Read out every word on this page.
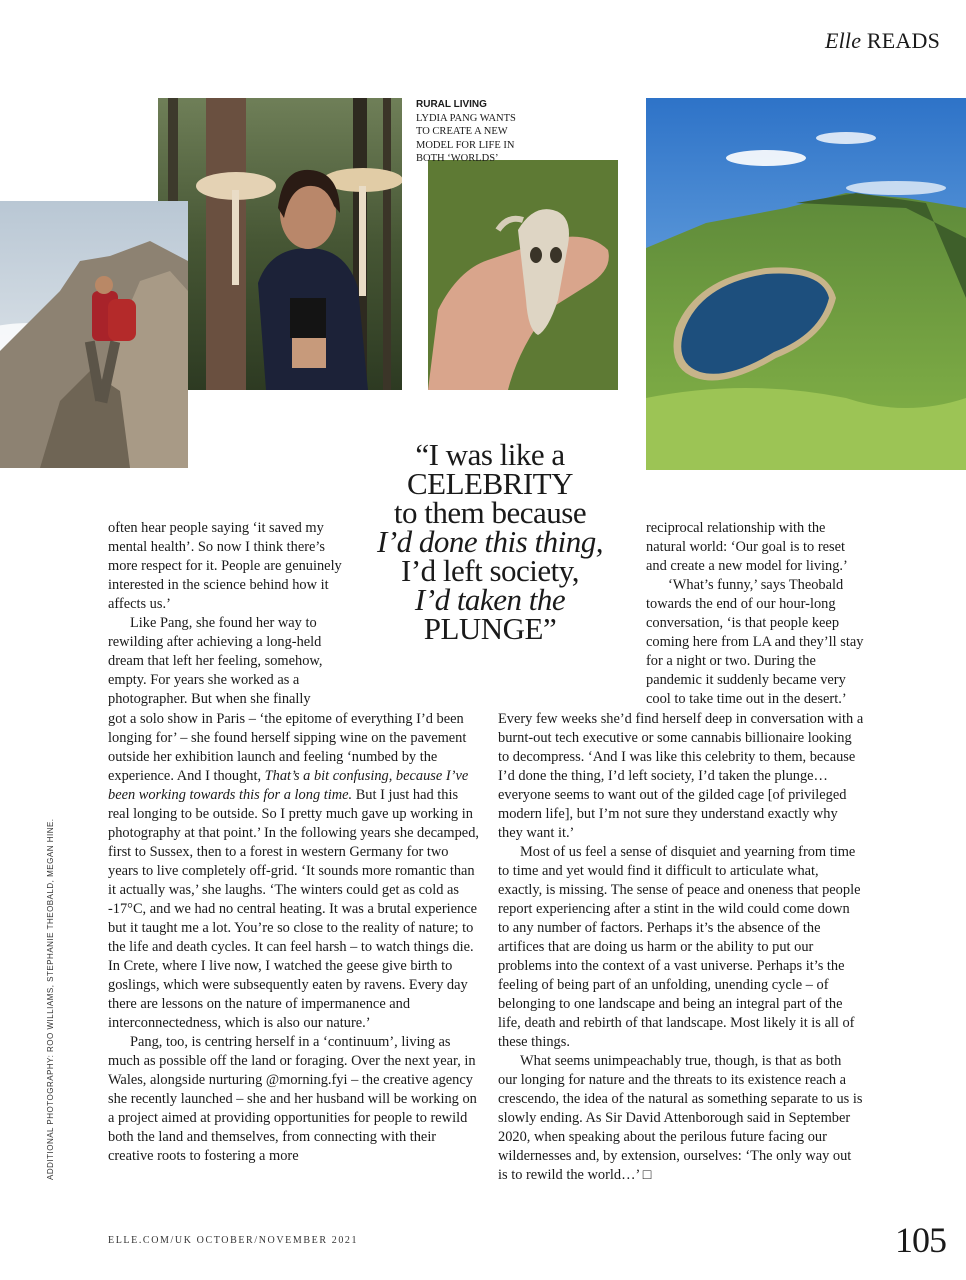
Elle READS
RURAL LIVING
LYDIA PANG WANTS TO CREATE A NEW MODEL FOR LIFE IN BOTH ‘WORLDS’
“I was like a
CELEBRITY
to them because
I’d done this thing,
I’d left society,
I’d taken the
PLUNGE”

often hear people saying ‘it saved my mental health’. So now I think there’s more respect for it. People are genuinely interested in the science behind how it affects us.’

Like Pang, she found her way to rewilding after achieving a long-held dream that left her feeling, somehow, empty. For years she worked as a photographer. But when she finally

got a solo show in Paris – ‘the epitome of everything I’d been longing for’ – she found herself sipping wine on the pavement outside her exhibition launch and feeling ‘numbed by the experience. And I thought, That’s a bit confusing, because I’ve been working towards this for a long time. But I just had this real longing to be outside. So I pretty much gave up working in photography at that point.’ In the following years she decamped, first to Sussex, then to a forest in western Germany for two years to live completely off-grid. ‘It sounds more romantic than it actually was,’ she laughs. ‘The winters could get as cold as -17°C, and we had no central heating. It was a brutal experience but it taught me a lot. You’re so close to the reality of nature; to the life and death cycles. It can feel harsh – to watch things die. In Crete, where I live now, I watched the geese give birth to goslings, which were subsequently eaten by ravens. Every day there are lessons on the nature of impermanence and interconnectedness, which is also our nature.’

Pang, too, is centring herself in a ‘continuum’, living as much as possible off the land or foraging. Over the next year, in Wales, alongside nurturing @morning.fyi – the creative agency she recently launched – she and her husband will be working on a project aimed at providing opportunities for people to rewild both the land and themselves, from connecting with their creative roots to fostering a more

reciprocal relationship with the natural world: ‘Our goal is to reset and create a new model for living.’

‘What’s funny,’ says Theobald towards the end of our hour-long conversation, ‘is that people keep coming here from LA and they’ll stay for a night or two. During the pandemic it suddenly became very cool to take time out in the desert.’

Every few weeks she’d find herself deep in conversation with a burnt-out tech executive or some cannabis billionaire looking to decompress. ‘And I was like this celebrity to them, because I’d done the thing, I’d left society, I’d taken the plunge… everyone seems to want out of the gilded cage [of privileged modern life], but I’m not sure they understand exactly why they want it.’

Most of us feel a sense of disquiet and yearning from time to time and yet would find it difficult to articulate what, exactly, is missing. The sense of peace and oneness that people report experiencing after a stint in the wild could come down to any number of factors. Perhaps it’s the absence of the artifices that are doing us harm or the ability to put our problems into the context of a vast universe. Perhaps it’s the feeling of being part of an unfolding, unending cycle – of belonging to one landscape and being an integral part of the life, death and rebirth of that landscape. Most likely it is all of these things.

What seems unimpeachably true, though, is that as both our longing for nature and the threats to its existence reach a crescendo, the idea of the natural as something separate to us is slowly ending. As Sir David Attenborough said in September 2020, when speaking about the perilous future facing our wildernesses and, by extension, ourselves: ‘The only way out is to rewild the world…’ □

ADDITIONAL PHOTOGRAPHY: ROO WILLIAMS, STEPHANIE THEOBALD, MEGAN HINE.
ELLE.COM/UK OCTOBER/NOVEMBER 2021	105
